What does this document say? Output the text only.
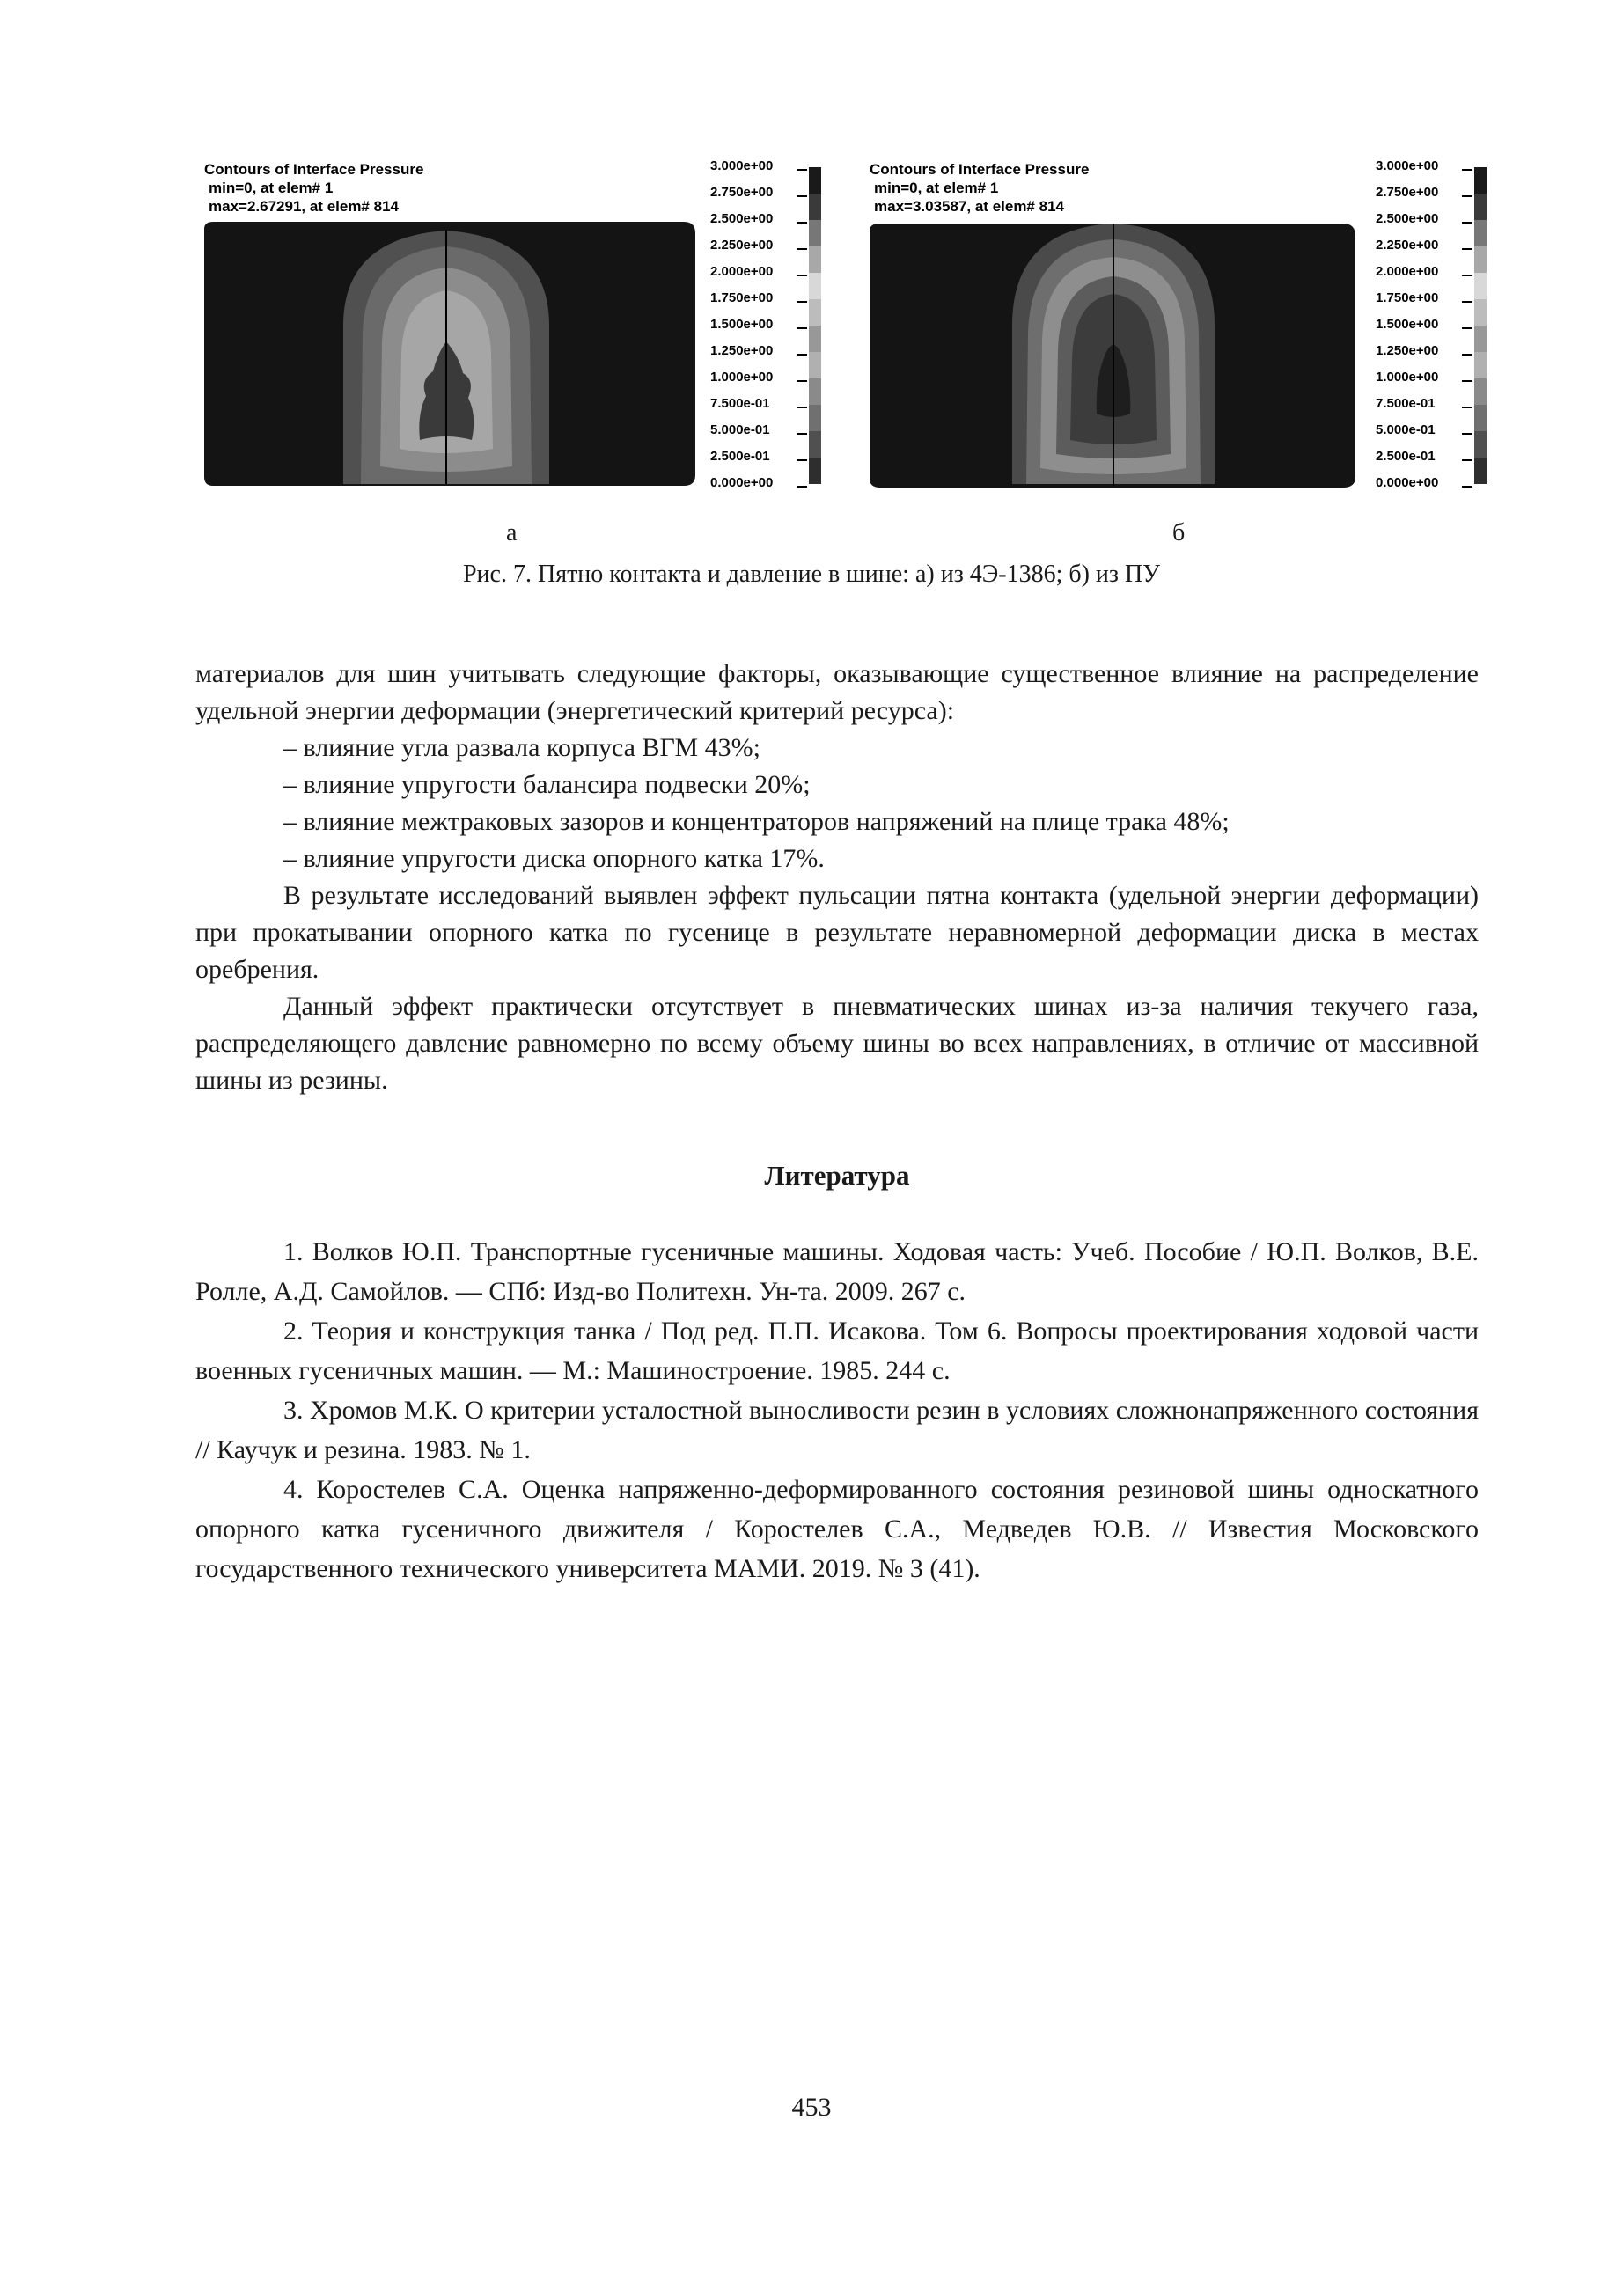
Contours of Interface Pressure
min=0, at elem# 1
max=2.67291, at elem# 814
3.000e+00
2.750e+00
2.500e+00
2.250e+00
2.000e+00
1.750e+00
1.500e+00
1.250e+00
1.000e+00
7.500e-01
5.000e-01
2.500e-01
0.000e+00
Contours of Interface Pressure
min=0, at elem# 1
max=3.03587, at elem# 814
3.000e+00
2.750e+00
2.500e+00
2.250e+00
2.000e+00
1.750e+00
1.500e+00
1.250e+00
1.000e+00
7.500e-01
5.000e-01
2.500e-01
0.000e+00
а	б
Рис. 7. Пятно контакта и давление в шине: а) из 4Э-1386; б) из ПУ

материалов для шин учитывать следующие факторы, оказывающие существенное влияние на распределение удельной энергии деформации (энергетический критерий ресурса):

– влияние угла развала корпуса ВГМ 43%;

– влияние упругости балансира подвески 20%;

– влияние межтраковых зазоров и концентраторов напряжений на плице трака 48%;

– влияние упругости диска опорного катка 17%.

В результате исследований выявлен эффект пульсации пятна контакта (удельной энергии деформации) при прокатывании опорного катка по гусенице в результате неравномерной деформации диска в местах оребрения.

Данный эффект практически отсутствует в пневматических шинах из-за наличия текучего газа, распределяющего давление равномерно по всему объему шины во всех направлениях, в отличие от массивной шины из резины.

Литература

1. Волков Ю.П. Транспортные гусеничные машины. Ходовая часть: Учеб. Пособие / Ю.П. Волков, В.Е. Ролле, А.Д. Самойлов. — СПб: Изд-во Политехн. Ун-та. 2009. 267 с.

2. Теория и конструкция танка / Под ред. П.П. Исакова. Том 6. Вопросы проектирования ходовой части военных гусеничных машин. — М.: Машиностроение. 1985. 244 с.

3. Хромов М.К. О критерии усталостной выносливости резин в условиях сложнонапряженного состояния // Каучук и резина. 1983. № 1.

4. Коростелев С.А. Оценка напряженно-деформированного состояния резиновой шины односкатного опорного катка гусеничного движителя / Коростелев С.А., Медведев Ю.В. // Известия Московского государственного технического университета МАМИ. 2019. № 3 (41).

453
